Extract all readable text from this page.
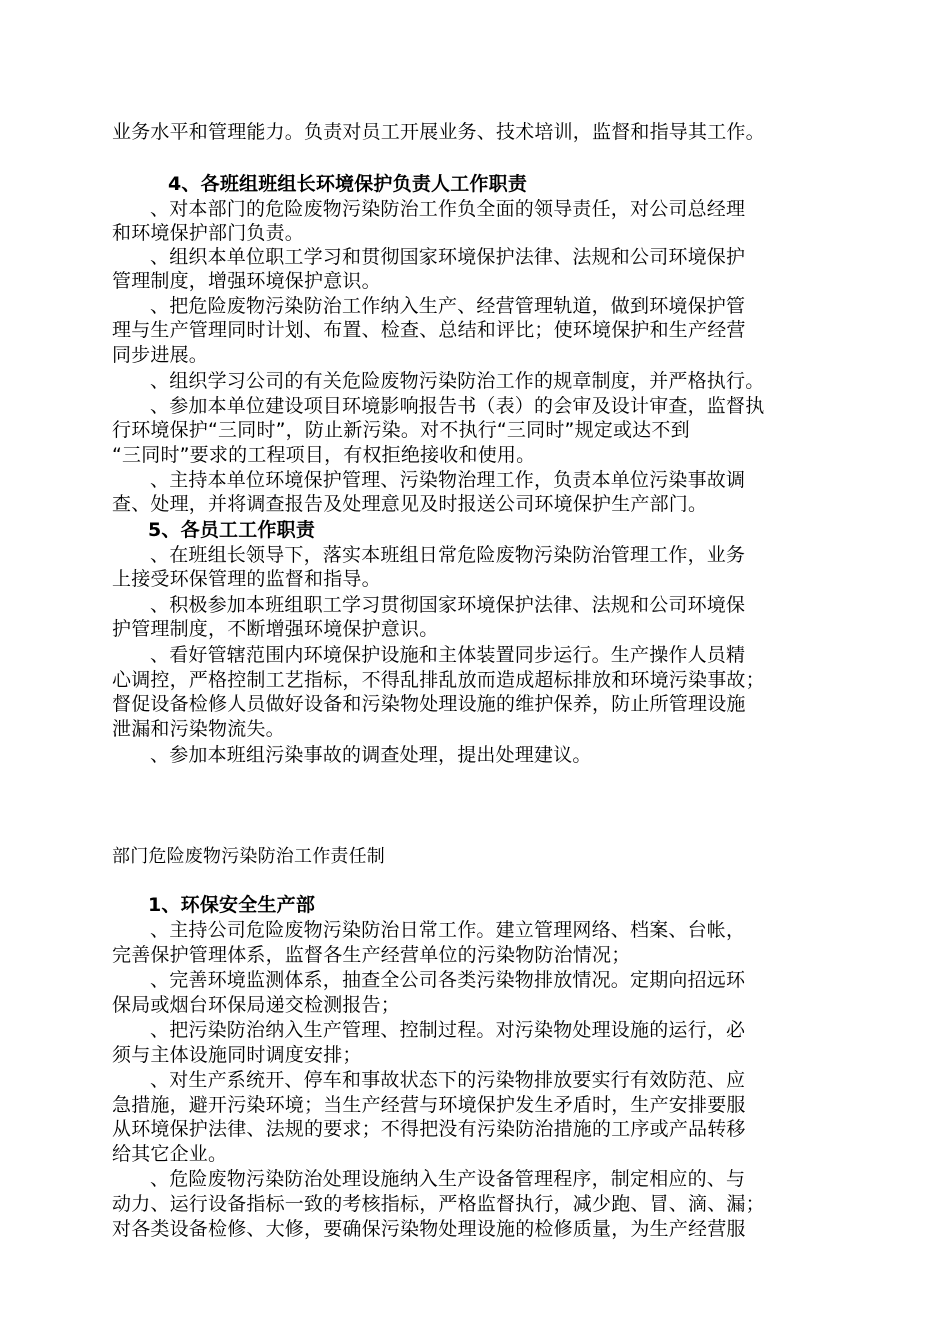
业务水平和管理能力。负责对员工开展业务、技术培训，监督和指导其工作。
4、各班组班组长环境保护负责人工作职责
、对本部门的危险废物污染防治工作负全面的领导责任，对公司总经理
和环境保护部门负责。
、组织本单位职工学习和贯彻国家环境保护法律、法规和公司环境保护
管理制度，增强环境保护意识。
、把危险废物污染防治工作纳入生产、经营管理轨道，做到环境保护管
理与生产管理同时计划、布置、检查、总结和评比；使环境保护和生产经营
同步进展。
、组织学习公司的有关危险废物污染防治工作的规章制度，并严格执行。
、参加本单位建设项目环境影响报告书（表）的会审及设计审查，监督执
行环境保护“三同时”，防止新污染。对不执行“三同时”规定或达不到
“三同时”要求的工程项目，有权拒绝接收和使用。
、主持本单位环境保护管理、污染物治理工作，负责本单位污染事故调
查、处理，并将调查报告及处理意见及时报送公司环境保护生产部门。
5、各员工工作职责
、在班组长领导下，落实本班组日常危险废物污染防治管理工作，业务
上接受环保管理的监督和指导。
、积极参加本班组职工学习贯彻国家环境保护法律、法规和公司环境保
护管理制度，不断增强环境保护意识。
、看好管辖范围内环境保护设施和主体装置同步运行。生产操作人员精
心调控，严格控制工艺指标，不得乱排乱放而造成超标排放和环境污染事故；
督促设备检修人员做好设备和污染物处理设施的维护保养，防止所管理设施
泄漏和污染物流失。
、参加本班组污染事故的调查处理，提出处理建议。
部门危险废物污染防治工作责任制
1、环保安全生产部
、主持公司危险废物污染防治日常工作。建立管理网络、档案、台帐，
完善保护管理体系，监督各生产经营单位的污染物防治情况；
、完善环境监测体系，抽查全公司各类污染物排放情况。定期向招远环
保局或烟台环保局递交检测报告；
、把污染防治纳入生产管理、控制过程。对污染物处理设施的运行，必
须与主体设施同时调度安排；
、对生产系统开、停车和事故状态下的污染物排放要实行有效防范、应
急措施，避开污染环境；当生产经营与环境保护发生矛盾时，生产安排要服
从环境保护法律、法规的要求；不得把没有污染防治措施的工序或产品转移
给其它企业。
、危险废物污染防治处理设施纳入生产设备管理程序，制定相应的、与
动力、运行设备指标一致的考核指标，严格监督执行，减少跑、冒、滴、漏；
对各类设备检修、大修，要确保污染物处理设施的检修质量，为生产经营服
